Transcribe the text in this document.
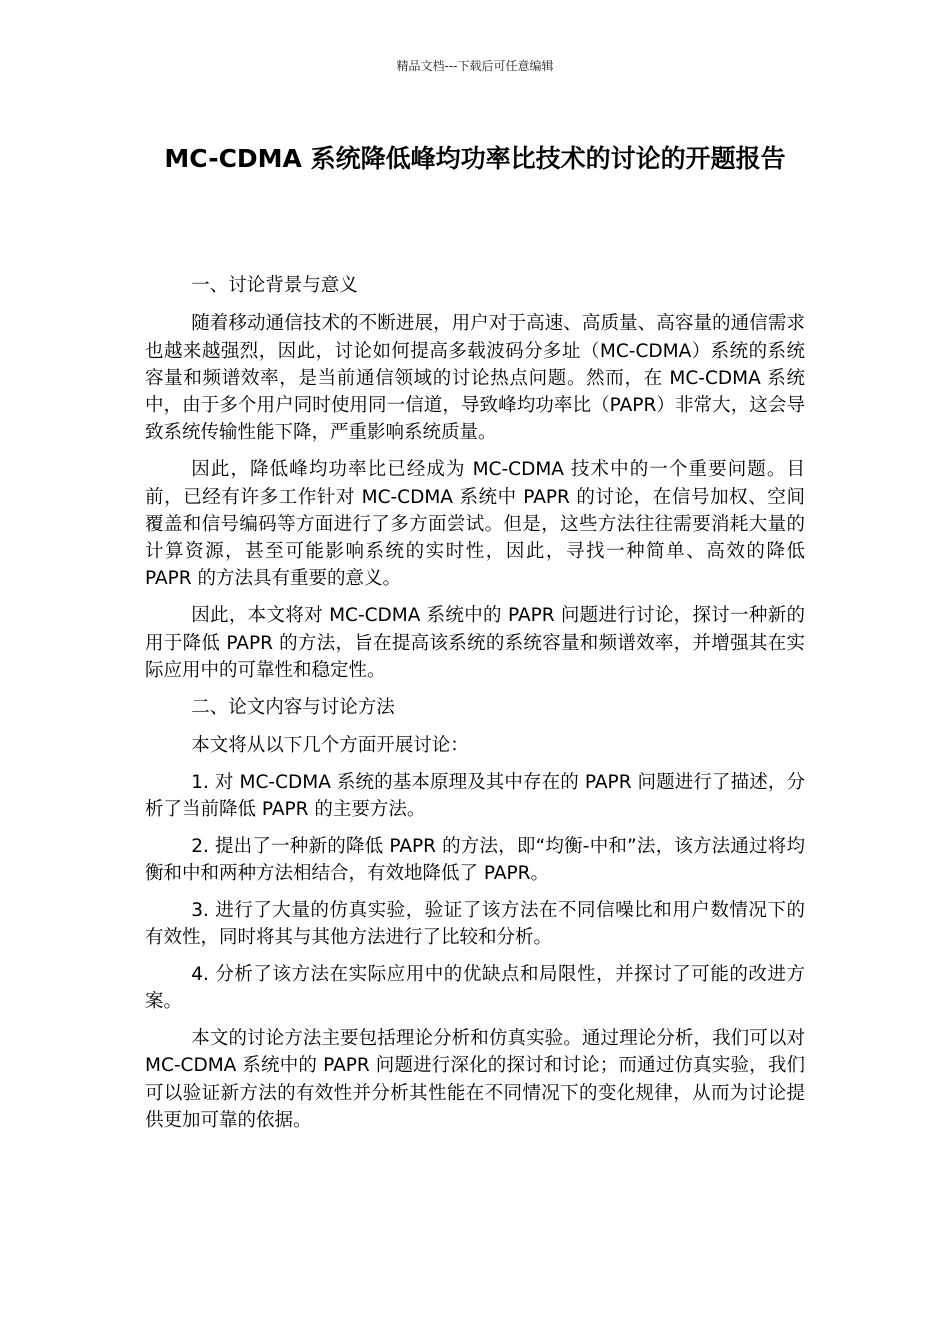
精品文档---下载后可任意编辑
MC-CDMA 系统降低峰均功率比技术的讨论的开题报告

一、讨论背景与意义

随着移动通信技术的不断进展，用户对于高速、高质量、高容量的通信需求也越来越强烈，因此，讨论如何提高多载波码分多址（MC-CDMA）系统的系统容量和频谱效率，是当前通信领域的讨论热点问题。然而，在 MC-CDMA 系统中，由于多个用户同时使用同一信道，导致峰均功率比（PAPR）非常大，这会导致系统传输性能下降，严重影响系统质量。

因此，降低峰均功率比已经成为 MC-CDMA 技术中的一个重要问题。目前，已经有许多工作针对 MC-CDMA 系统中 PAPR 的讨论，在信号加权、空间覆盖和信号编码等方面进行了多方面尝试。但是，这些方法往往需要消耗大量的计算资源，甚至可能影响系统的实时性，因此，寻找一种简单、高效的降低 PAPR 的方法具有重要的意义。

因此，本文将对 MC-CDMA 系统中的 PAPR 问题进行讨论，探讨一种新的用于降低 PAPR 的方法，旨在提高该系统的系统容量和频谱效率，并增强其在实际应用中的可靠性和稳定性。

二、论文内容与讨论方法

本文将从以下几个方面开展讨论：

1. 对 MC-CDMA 系统的基本原理及其中存在的 PAPR 问题进行了描述，分析了当前降低 PAPR 的主要方法。

2. 提出了一种新的降低 PAPR 的方法，即“均衡-中和”法，该方法通过将均衡和中和两种方法相结合，有效地降低了 PAPR。

3. 进行了大量的仿真实验，验证了该方法在不同信噪比和用户数情况下的有效性，同时将其与其他方法进行了比较和分析。

4. 分析了该方法在实际应用中的优缺点和局限性，并探讨了可能的改进方案。

本文的讨论方法主要包括理论分析和仿真实验。通过理论分析，我们可以对 MC-CDMA 系统中的 PAPR 问题进行深化的探讨和讨论；而通过仿真实验，我们可以验证新方法的有效性并分析其性能在不同情况下的变化规律，从而为讨论提供更加可靠的依据。
